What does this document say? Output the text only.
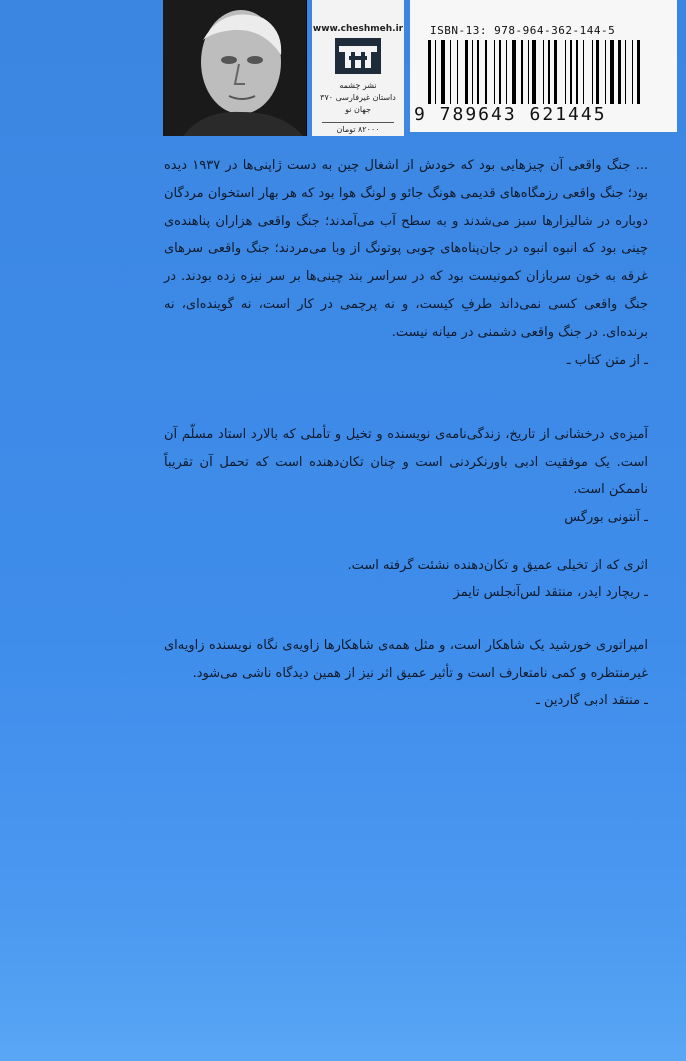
www.cheshmeh.ir
نشر چشمه
داستان غیرفارسی ۳۷۰
جهان نو
۸۲۰۰۰ تومان
ISBN-13: 978-964-362-144-5
9 789643 621445
... جنگ واقعی آن چیزهایی بود که خودش از اشغال چین به دست ژاپنی‌ها در ۱۹۳۷ دیده بود؛ جنگ واقعی رزمگاه‌های قدیمی هونگ جائو و لونگ هوا بود که هر بهار استخوان مردگان دوباره در شالیزارها سبز می‌شدند و به سطح آب می‌آمدند؛ جنگ واقعی هزاران پناهنده‌ی چینی بود که انبوه انبوه در جان‌پناه‌های چوبی پوتونگ از وبا می‌مردند؛ جنگ واقعی سرهای غرقه به خون سربازان کمونیست بود که در سراسر بند چینی‌ها بر سر نیزه زده بودند. در جنگ واقعی کسی نمی‌داند طرفِ کیست، و نه پرچمی در کار است، نه گوینده‌ای، نه برنده‌ای. در جنگ واقعی دشمنی در میانه نیست.
ـ از متن کتاب ـ
آمیزه‌ی درخشانی از تاریخ، زندگی‌نامه‌ی نویسنده و تخیل و تأملی که بالارد استاد مسلّم آن است. یک موفقیت ادبی باورنکردنی است و چنان تکان‌دهنده است که تحمل آن تقریباً ناممکن است.
ـ آنتونی بورگس
اثری که از تخیلی عمیق و تکان‌دهنده نشئت گرفته است.
ـ ریچارد ایدر، منتقد لس‌آنجلس تایمز
امپراتوری خورشید یک شاهکار است، و مثل همه‌ی شاهکارها زاویه‌ی نگاه نویسنده زاویه‌ای غیرمنتظره و کمی نامتعارف است و تأثیر عمیق اثر نیز از همین دیدگاه ناشی می‌شود.
ـ منتقد ادبی گاردین ـ
